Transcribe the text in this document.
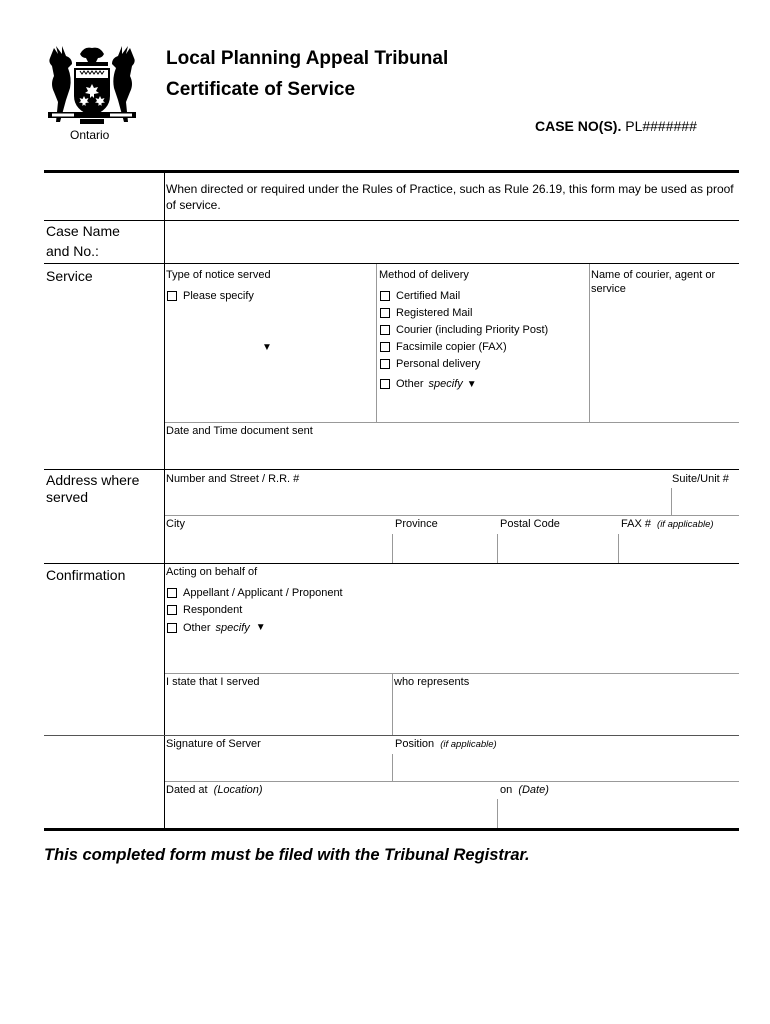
Ontario
Local Planning Appeal Tribunal
Certificate of Service
CASE NO(S). PL#######
When directed or required under the Rules of Practice, such as Rule 26.19, this form may be used as proof of service.
Case Name
and No.:
Service	Type of notice served
Please specify
▼
Method of delivery
Certified Mail
Registered Mail
Courier (including Priority Post)
Facsimile copier (FAX)
Personal delivery
Other specify ▼
Name of courier, agent or service
Date and Time document sent
Address where
served
Number and Street / R.R. #	Suite/Unit #
City	Province	Postal Code	FAX # (if applicable)
Confirmation	Acting on behalf of
Appellant / Applicant / Proponent
Respondent
Other specify ▼
I state that I served	who represents
Signature of Server	Position (if applicable)
Dated at (Location)	on (Date)
This completed form must be filed with the Tribunal Registrar.
